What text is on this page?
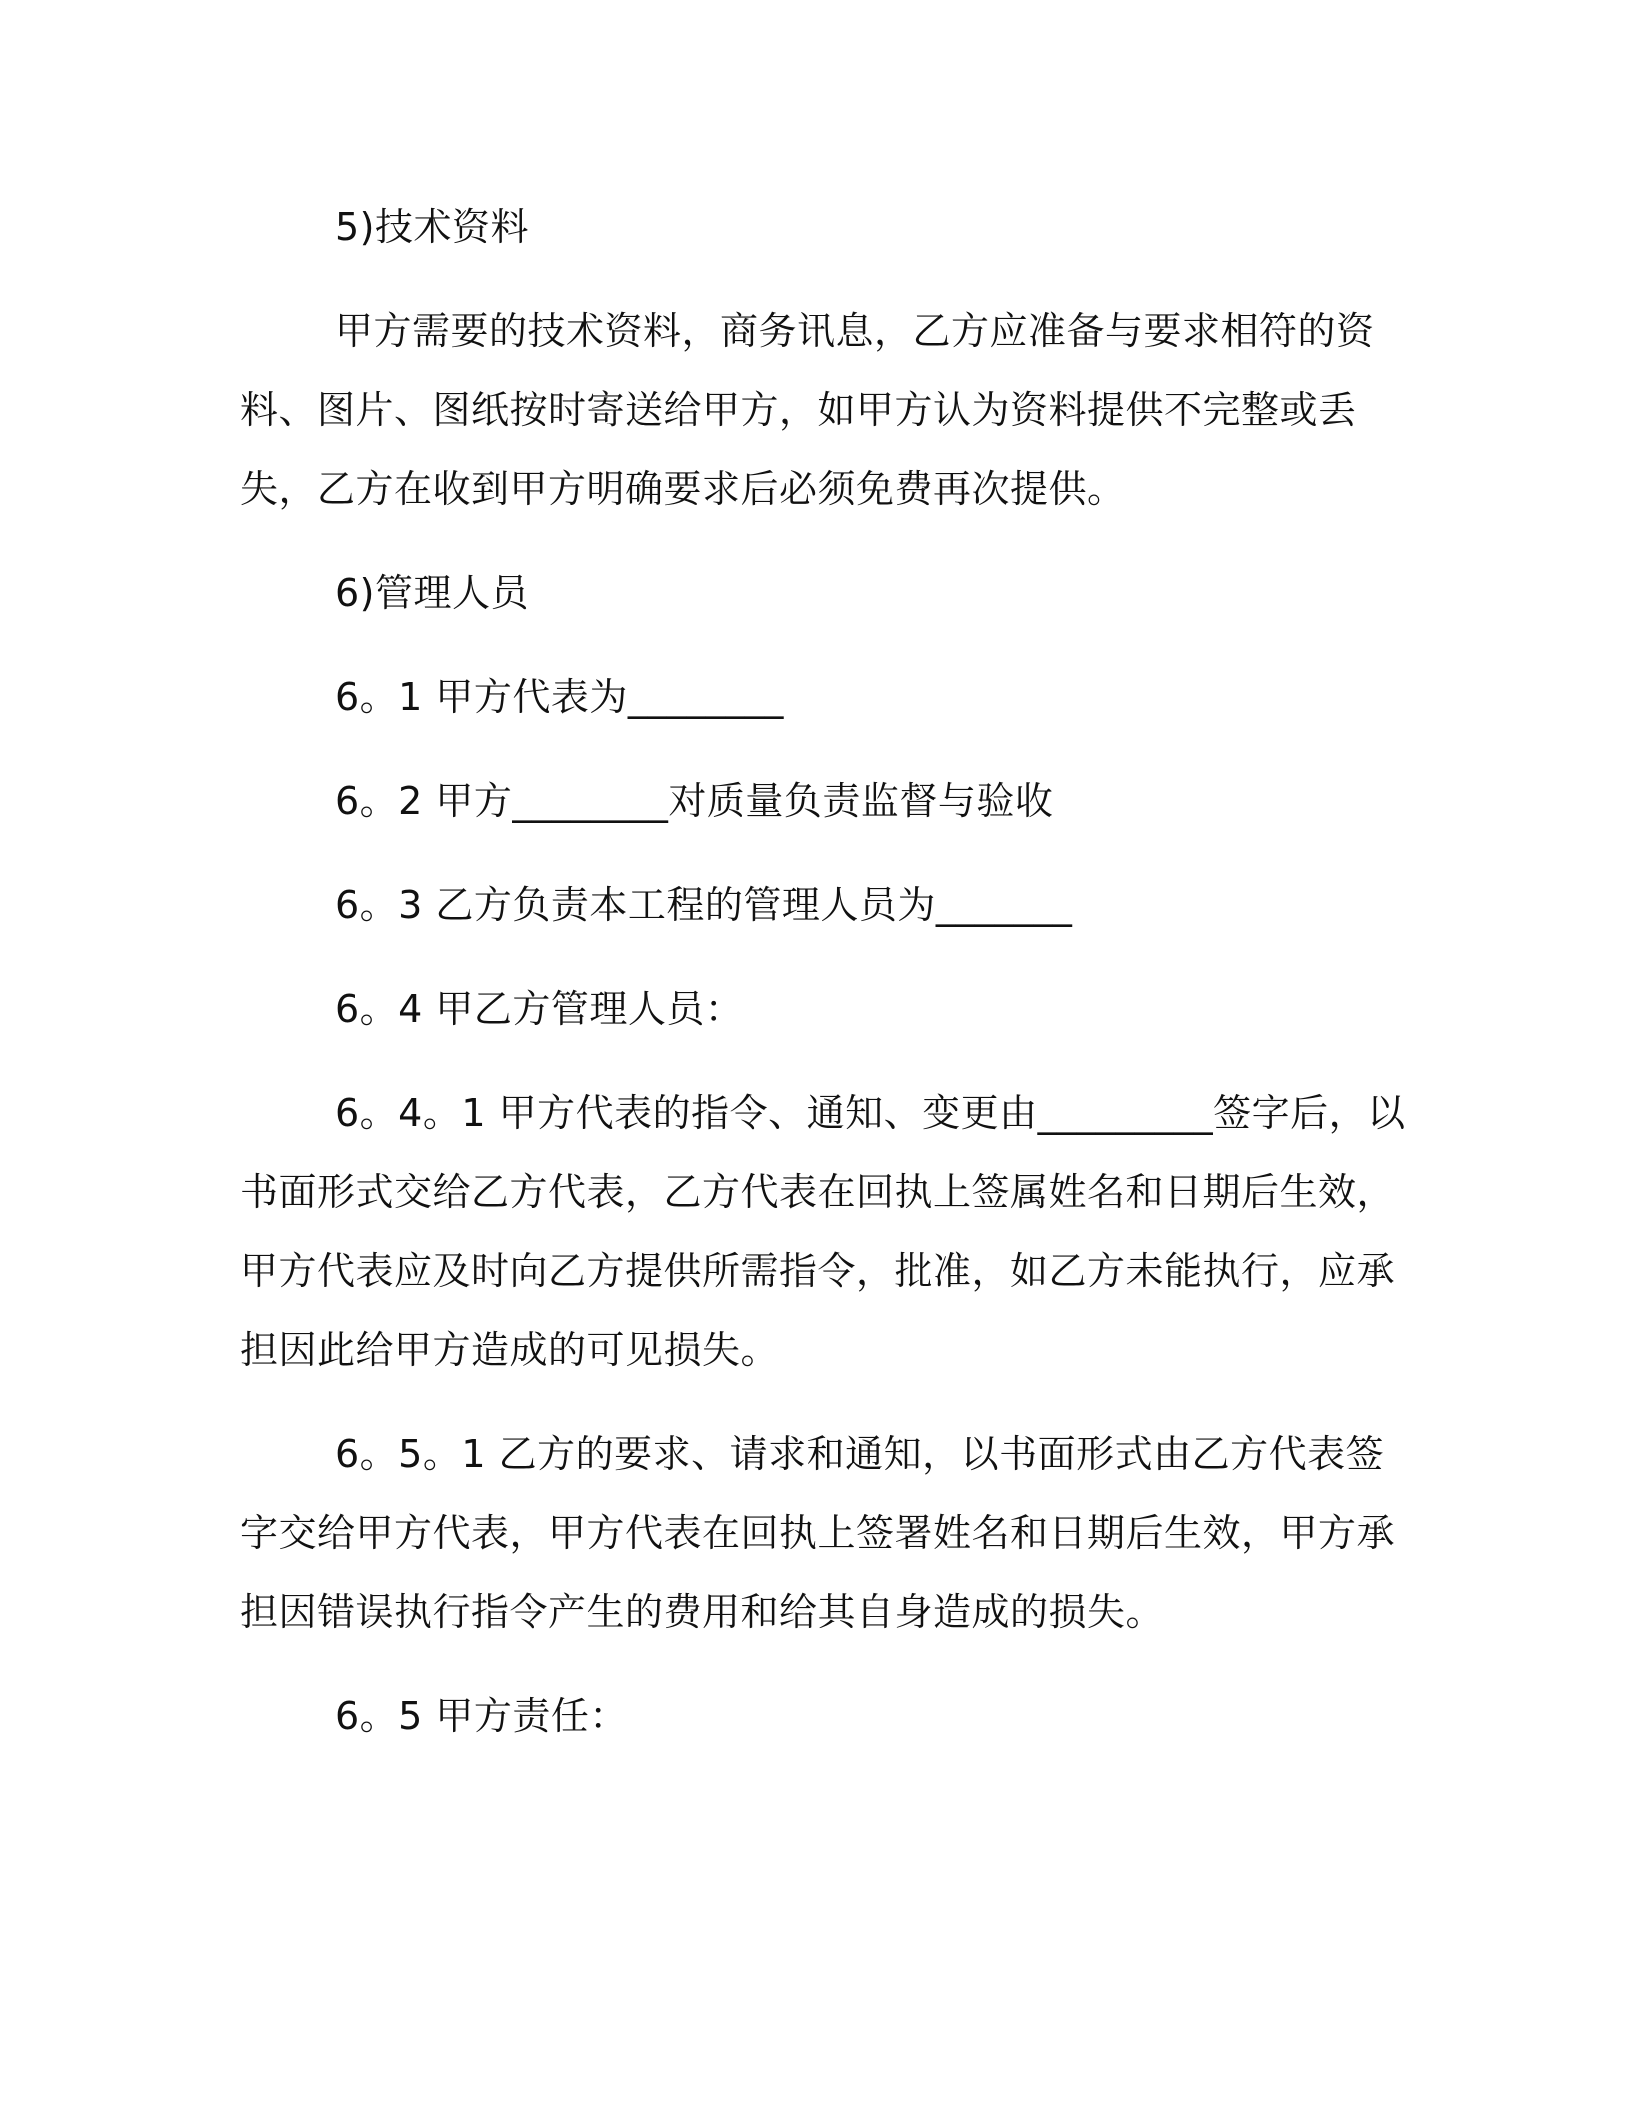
5)技术资料

甲方需要的技术资料，商务讯息，乙方应准备与要求相符的资料、图片、图纸按时寄送给甲方，如甲方认为资料提供不完整或丢失，乙方在收到甲方明确要求后必须免费再次提供。

6)管理人员

6。1 甲方代表为________

6。2 甲方________对质量负责监督与验收

6。3 乙方负责本工程的管理人员为_______

6。4 甲乙方管理人员：

6。4。1 甲方代表的指令、通知、变更由_________签字后，以书面形式交给乙方代表，乙方代表在回执上签属姓名和日期后生效，甲方代表应及时向乙方提供所需指令，批准，如乙方未能执行，应承担因此给甲方造成的可见损失。

6。5。1 乙方的要求、请求和通知，以书面形式由乙方代表签字交给甲方代表，甲方代表在回执上签署姓名和日期后生效，甲方承担因错误执行指令产生的费用和给其自身造成的损失。

6。5 甲方责任：
